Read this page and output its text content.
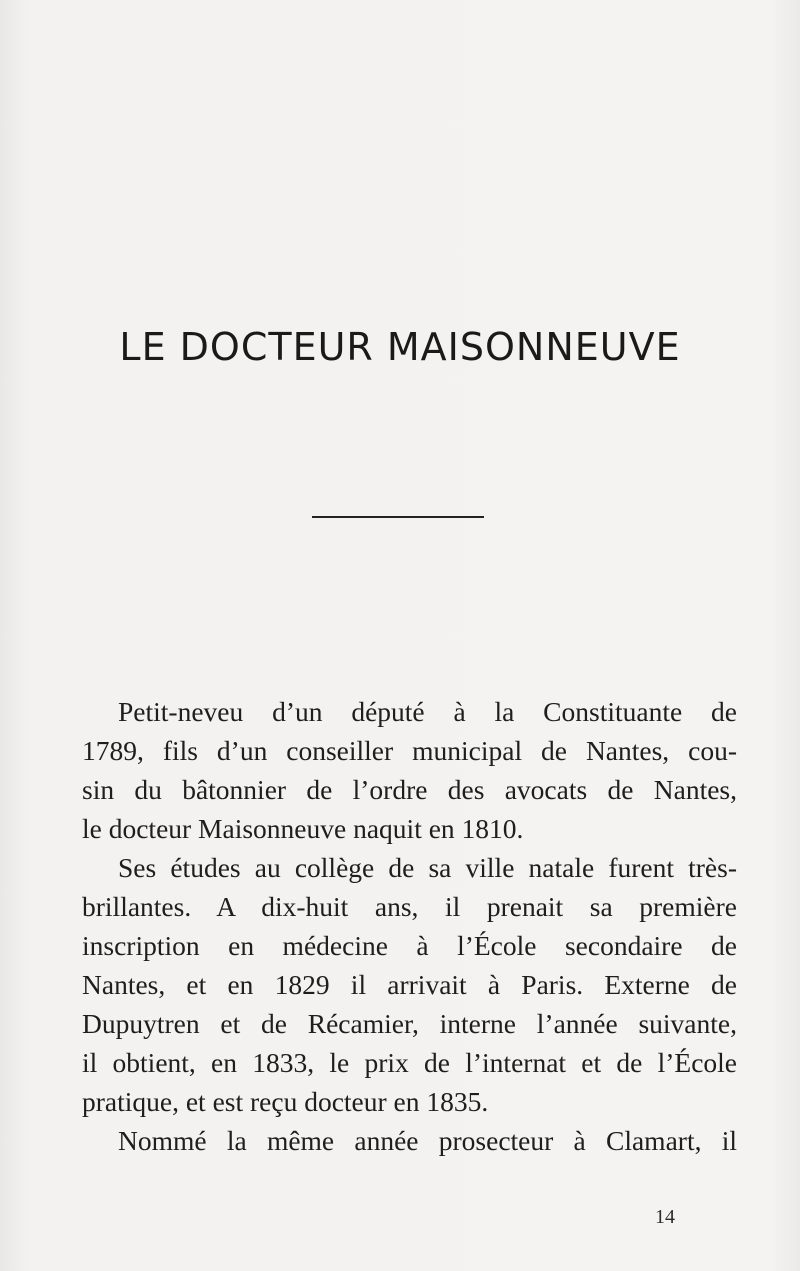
LE DOCTEUR MAISONNEUVE
Petit-neveu d’un député à la Constituante de
1789, fils d’un conseiller municipal de Nantes, cou-
sin du bâtonnier de l’ordre des avocats de Nantes,
le docteur Maisonneuve naquit en 1810.
Ses études au collège de sa ville natale furent très-
brillantes. A dix-huit ans, il prenait sa première
inscription en médecine à l’École secondaire de
Nantes, et en 1829 il arrivait à Paris. Externe de
Dupuytren et de Récamier, interne l’année suivante,
il obtient, en 1833, le prix de l’internat et de l’École
pratique, et est reçu docteur en 1835.
Nommé la même année prosecteur à Clamart, il
14
